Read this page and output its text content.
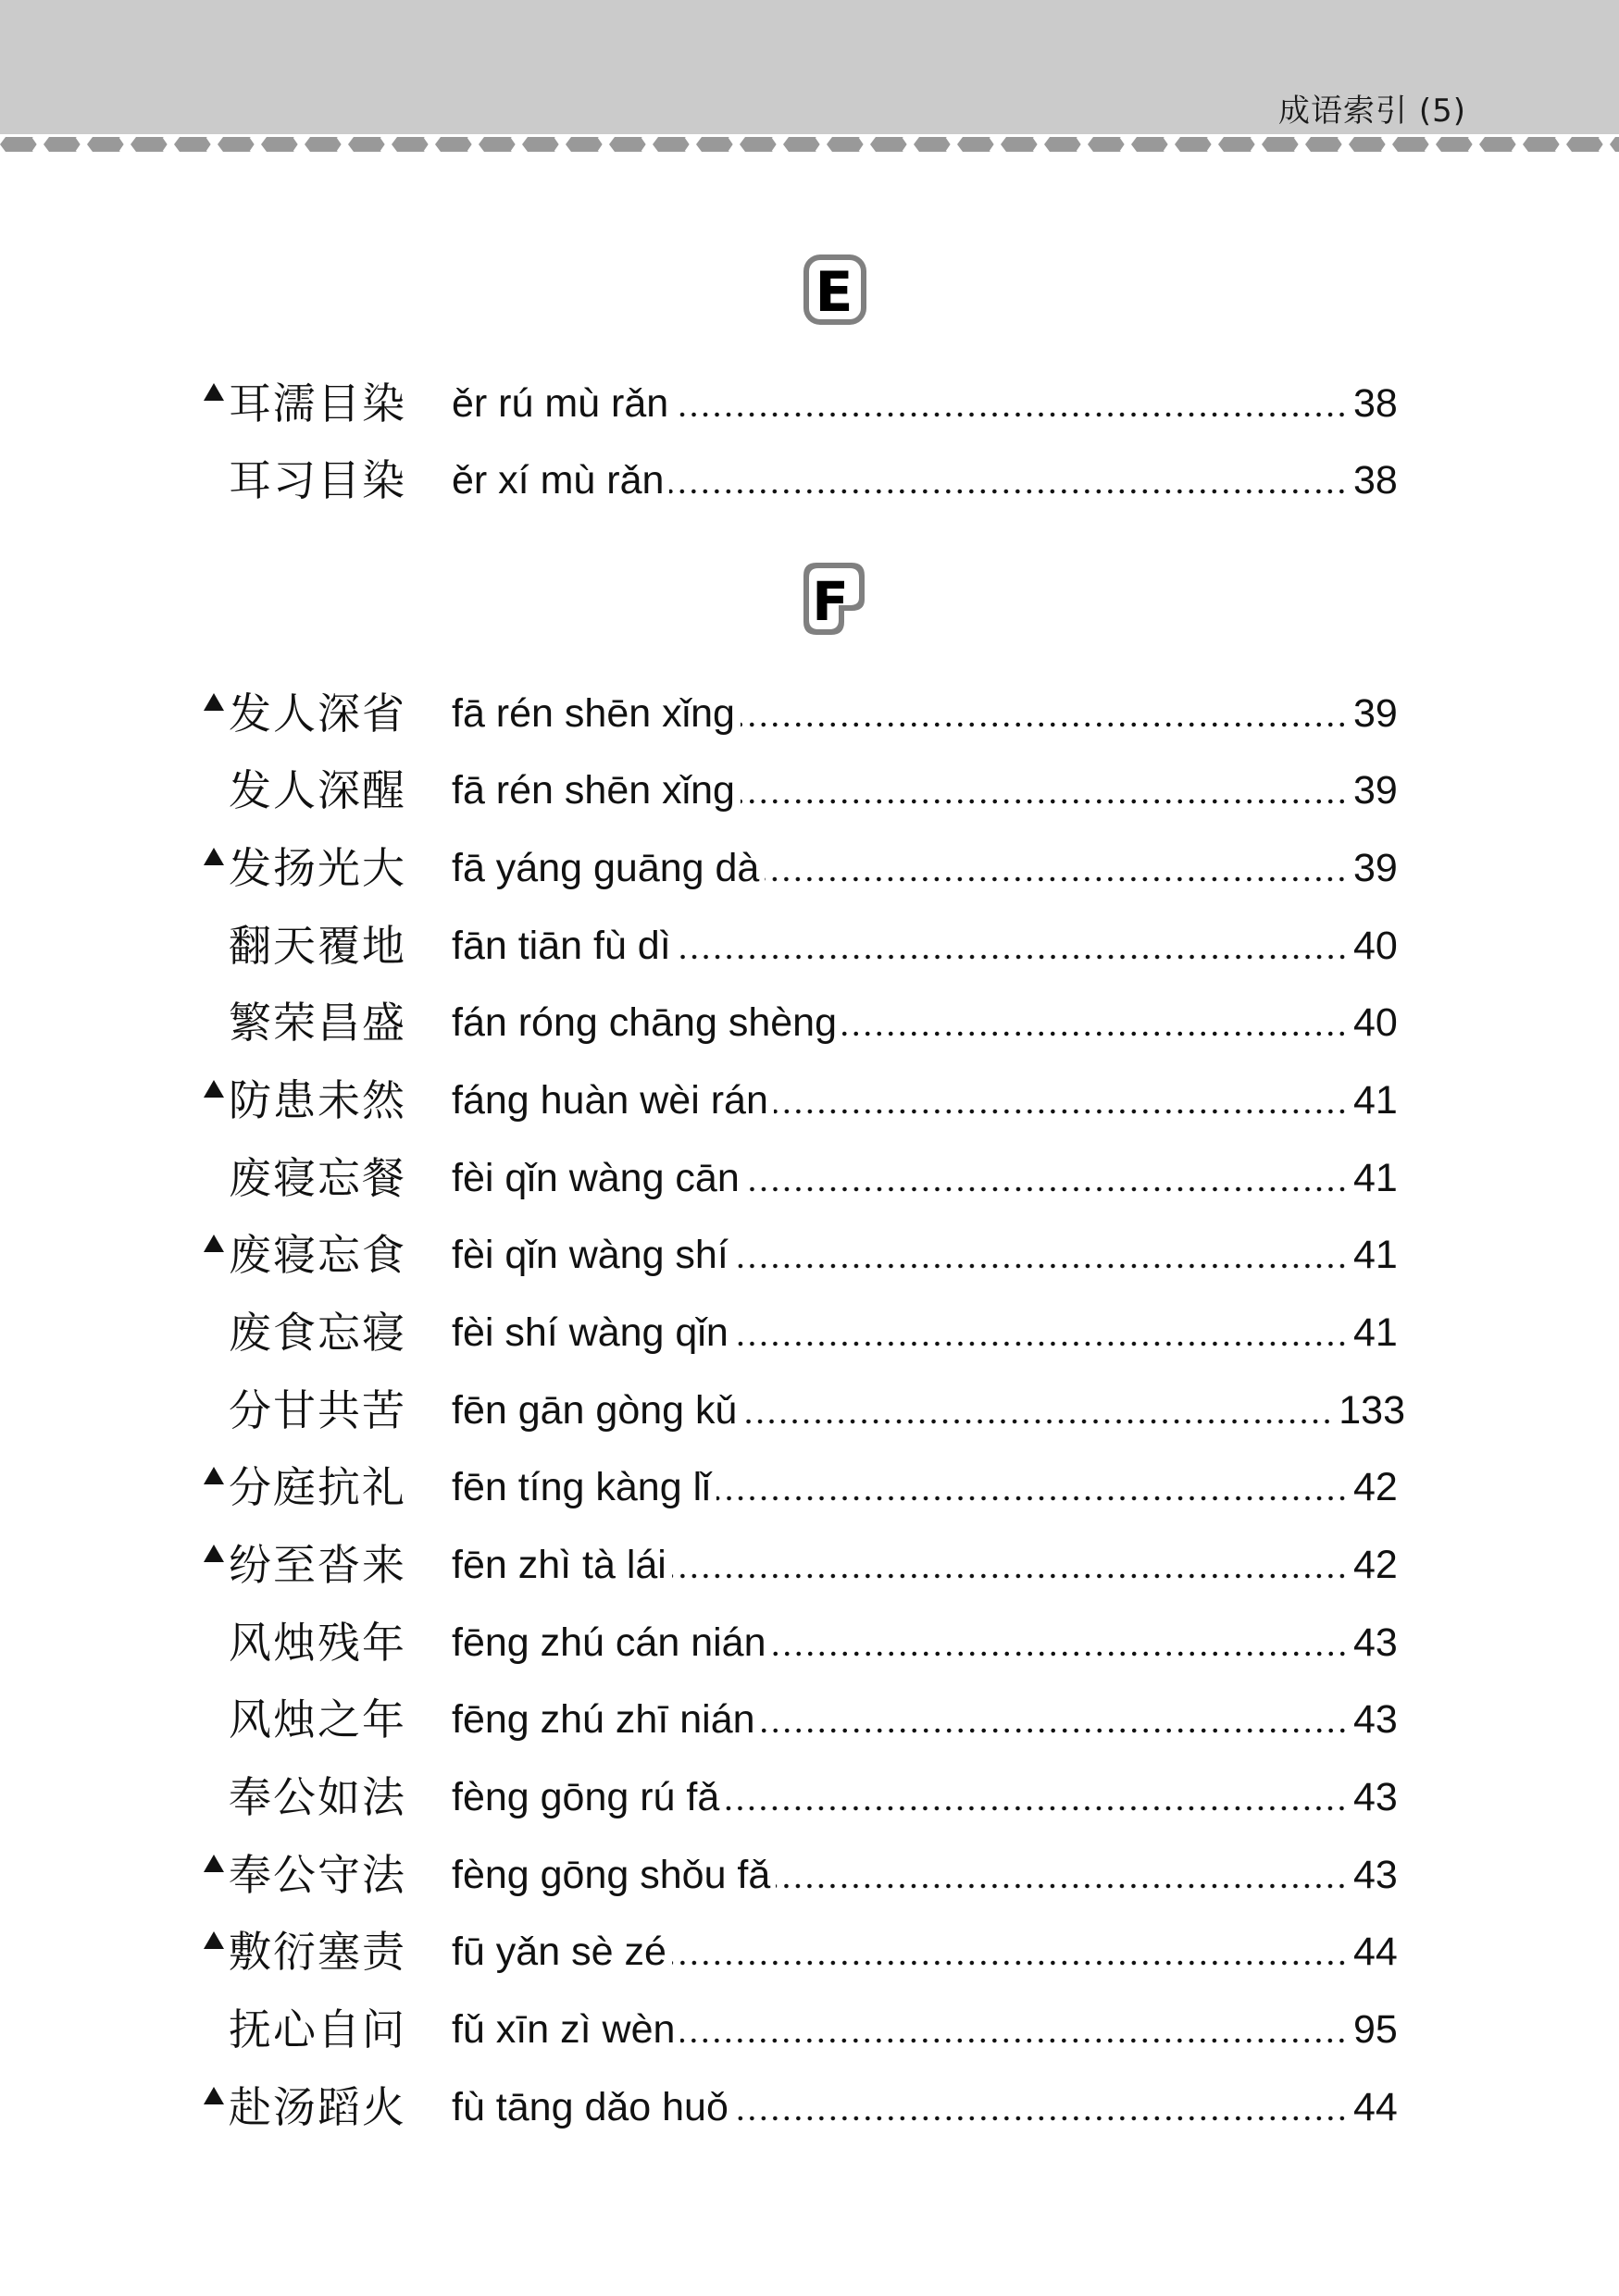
成语索引 (5)
E
耳濡目染 ěr rú mù rǎn	38
耳习目染 ěr xí mù rǎn	38
F
发人深省 fā rén shēn xǐng	39
发人深醒 fā rén shēn xǐng	39
发扬光大 fā yáng guāng dà	39
翻天覆地 fān tiān fù dì	40
繁荣昌盛 fán róng chāng shèng	40
防患未然 fáng huàn wèi rán	41
废寝忘餐 fèi qǐn wàng cān	41
废寝忘食 fèi qǐn wàng shí	41
废食忘寝 fèi shí wàng qǐn	41
分甘共苦 fēn gān gòng kǔ	133
分庭抗礼 fēn tíng kàng lǐ	42
纷至沓来 fēn zhì tà lái	42
风烛残年 fēng zhú cán nián	43
风烛之年 fēng zhú zhī nián	43
奉公如法 fèng gōng rú fǎ	43
奉公守法 fèng gōng shǒu fǎ	43
敷衍塞责 fū yǎn sè zé	44
抚心自问 fǔ xīn zì wèn	95
赴汤蹈火 fù tāng dǎo huǒ	44
